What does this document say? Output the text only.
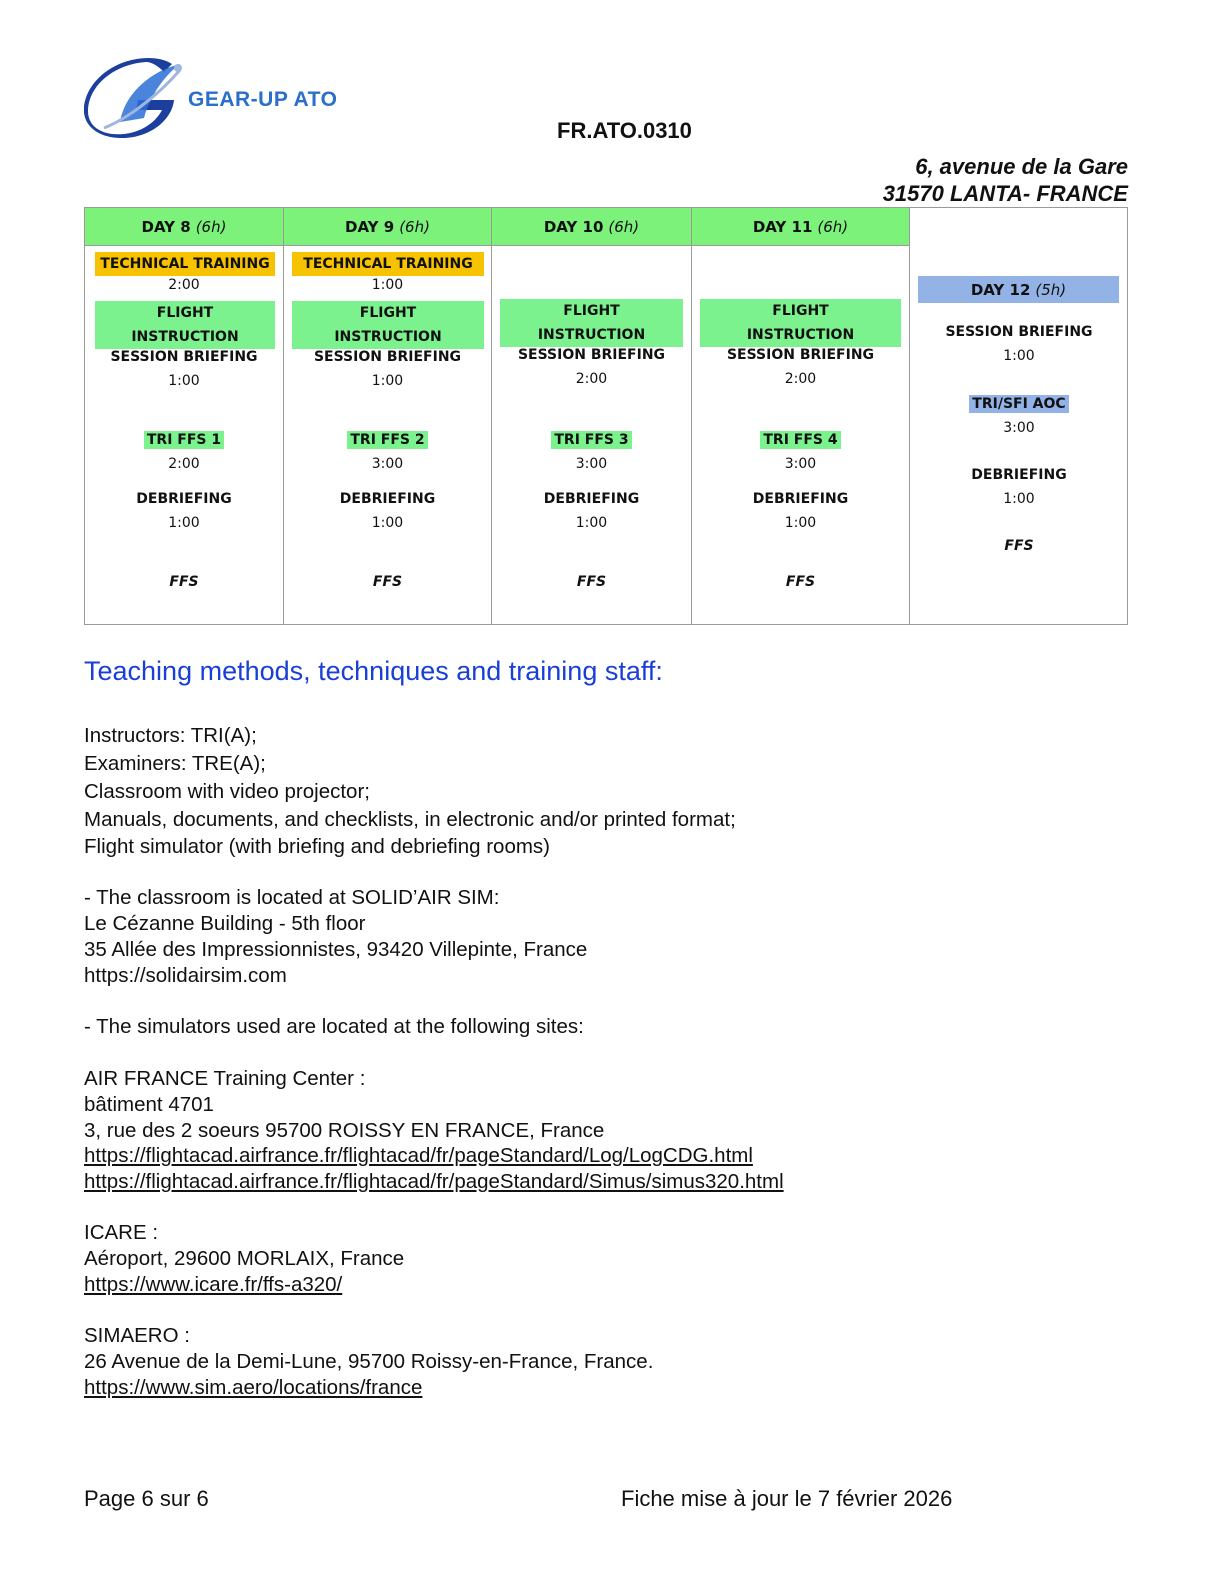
GEAR-UP ATO
FR.ATO.0310
6, avenue de la Gare
31570 LANTA- FRANCE
DAY 8 (6h)
TECHNICAL TRAINING
2:00
FLIGHT
INSTRUCTION
SESSION BRIEFING
1:00
TRI FFS 1
2:00
DEBRIEFING
1:00
FFS
DAY 9 (6h)
TECHNICAL TRAINING
1:00
FLIGHT
INSTRUCTION
SESSION BRIEFING
1:00
TRI FFS 2
3:00
DEBRIEFING
1:00
FFS
DAY 10 (6h)
FLIGHT
INSTRUCTION
SESSION BRIEFING
2:00
TRI FFS 3
3:00
DEBRIEFING
1:00
FFS
DAY 11 (6h)
FLIGHT
INSTRUCTION
SESSION BRIEFING
2:00
TRI FFS 4
3:00
DEBRIEFING
1:00
FFS
SESSION BRIEFING
1:00
TRI/SFI AOC
3:00
DEBRIEFING
1:00
FFS
DAY 12 (5h)
Teaching methods, techniques and training staff:
Instructors: TRI(A);
Examiners: TRE(A);
Classroom with video projector;
Manuals, documents, and checklists, in electronic and/or printed format;
Flight simulator (with briefing and debriefing rooms)
- The classroom is located at SOLID’AIR SIM:
Le Cézanne Building - 5th floor
35 Allée des Impressionnistes, 93420 Villepinte, France
https://solidairsim.com
- The simulators used are located at the following sites:
AIR FRANCE Training Center :
bâtiment 4701
3, rue des 2 soeurs 95700 ROISSY EN FRANCE, France
https://flightacad.airfrance.fr/flightacad/fr/pageStandard/Log/LogCDG.html
https://flightacad.airfrance.fr/flightacad/fr/pageStandard/Simus/simus320.html
ICARE :
Aéroport, 29600 MORLAIX, France
https://www.icare.fr/ffs-a320/
SIMAERO :
26 Avenue de la Demi-Lune, 95700 Roissy-en-France, France.
https://www.sim.aero/locations/france
Page 6 sur 6	Fiche mise à jour le 7 février 2026
